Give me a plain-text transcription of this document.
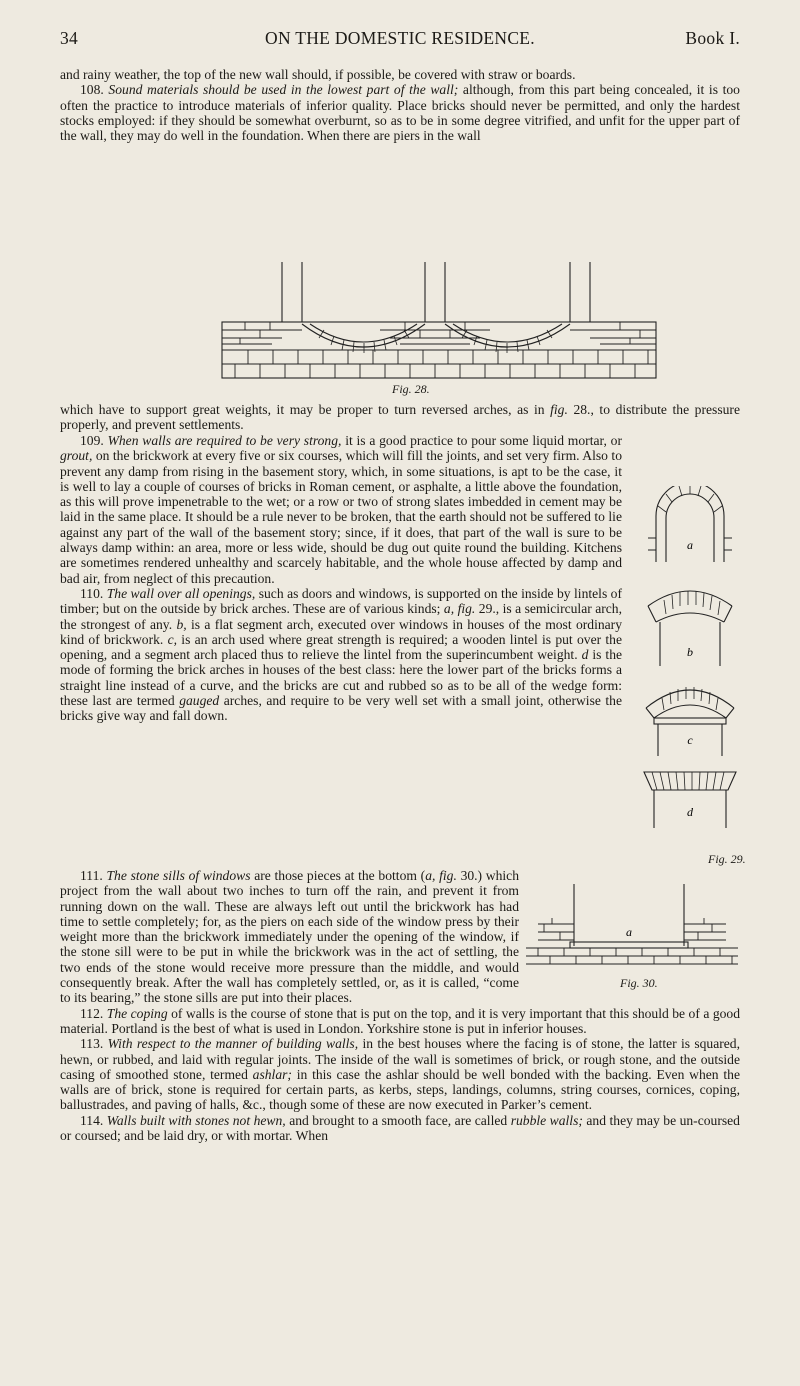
34	ON THE DOMESTIC RESIDENCE.	Book I.

and rainy weather, the top of the new wall should, if possible, be covered with straw or boards.

108. Sound materials should be used in the lowest part of the wall; although, from this part being concealed, it is too often the practice to introduce materials of inferior quality. Place bricks should never be permitted, and only the hardest stocks employed: if they should be somewhat overburnt, so as to be in some degree vitrified, and unfit for the upper part of the wall, they may do well in the foundation. When there are piers in the wall

Fig. 28.

which have to support great weights, it may be proper to turn reversed arches, as in fig. 28., to distribute the pressure properly, and prevent settlements.

109. When walls are required to be very strong, it is a good practice to pour some liquid mortar, or grout, on the brickwork at every five or six courses, which will fill the joints, and set very firm. Also to prevent any damp from rising in the basement story, which, in some situations, is apt to be the case, it is well to lay a couple of courses of bricks in Roman cement, or asphalte, a little above the foundation, as this will prove impenetrable to the wet; or a row or two of strong slates imbedded in cement may be laid in the same place. It should be a rule never to be broken, that the earth should not be suffered to lie against any part of the wall of the basement story; since, if it does, that part of the wall is sure to be always damp within: an area, more or less wide, should be dug out quite round the building. Kitchens are sometimes rendered unhealthy and scarcely habitable, and the whole house affected by damp and bad air, from neglect of this precaution.

110. The wall over all openings, such as doors and windows, is supported on the inside by lintels of timber; but on the outside by brick arches. These are of various kinds; a, fig. 29., is a semicircular arch, the strongest of any. b, is a flat segment arch, executed over windows in houses of the most ordinary kind of brickwork. c, is an arch used where great strength is required; a wooden lintel is put over the opening, and a segment arch placed thus to relieve the lintel from the superincumbent weight. d is the mode of forming the brick arches in houses of the best class: here the lower part of the bricks forms a straight line instead of a curve, and the bricks are cut and rubbed so as to be all of the wedge form: these last are termed gauged arches, and require to be very well set with a small joint, otherwise the bricks give way and fall down.

a
b
c
d
Fig. 29.

111. The stone sills of windows are those pieces at the bottom (a, fig. 30.) which project from the wall about two inches to turn off the rain, and prevent it from running down on the wall. These are always left out until the brickwork has had time to settle completely; for, as the piers on each side of the window press by their weight more than the brickwork immediately under the opening of the window, if the stone sill were to be put in while the brickwork was in the act of settling, the two ends of the stone would receive more pressure than the middle, and would consequently break. After the wall has completely settled, or, as it is called, “come to its bearing,” the stone sills are put into their places.

112. The coping of walls is the course of stone that is put on the top, and it is very important that this should be of a good material. Portland is the best of what is used in London. Yorkshire stone is put in inferior houses.

113. With respect to the manner of building walls, in the best houses where the facing is of stone, the latter is squared, hewn, or rubbed, and laid with regular joints. The inside of the wall is sometimes of brick, or rough stone, and the outside casing of smoothed stone, termed ashlar; in this case the ashlar should be well bonded with the backing. Even when the walls are of brick, stone is required for certain parts, as kerbs, steps, landings, columns, string courses, cornices, coping, ballustrades, and paving of halls, &c., though some of these are now executed in Parker’s cement.

114. Walls built with stones not hewn, and brought to a smooth face, are called rubble walls; and they may be un-coursed or coursed; and be laid dry, or with mortar. When

a
Fig. 30.
